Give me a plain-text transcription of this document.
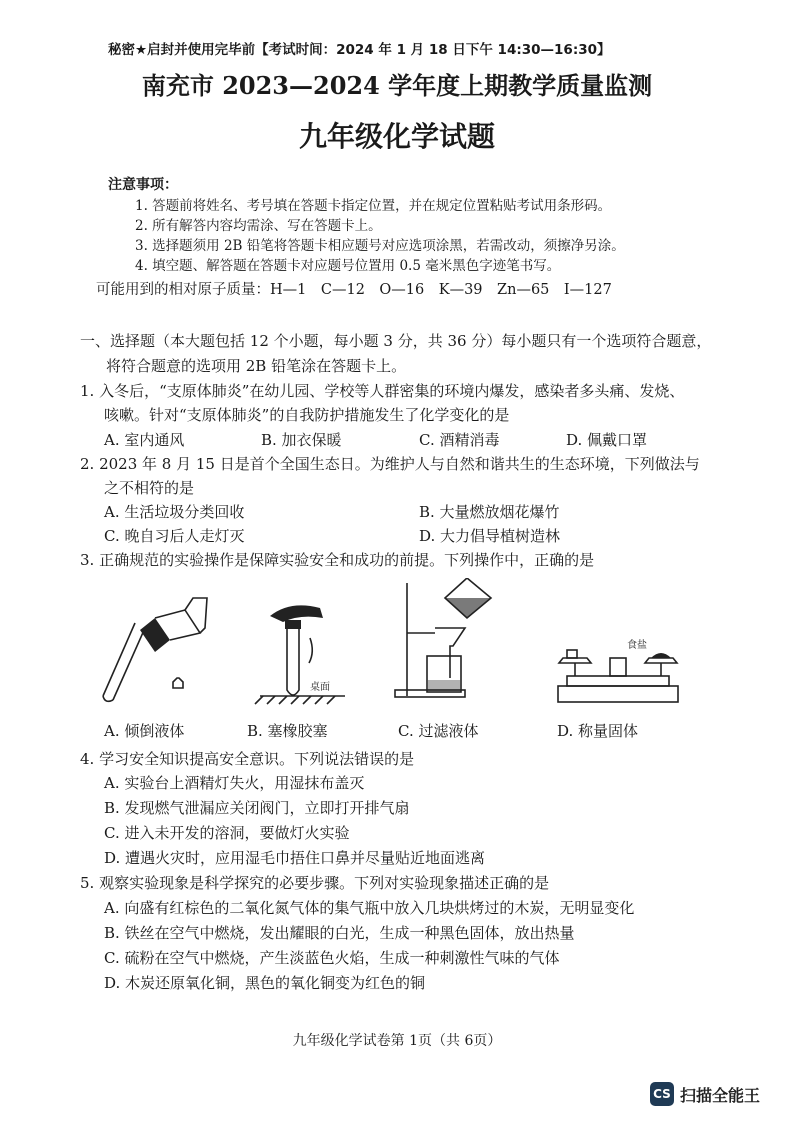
秘密★启封并使用完毕前【考试时间：2024 年 1 月 18 日下午 14:30—16:30】
南充市 2023—2024 学年度上期教学质量监测
九年级化学试题
注意事项：
1. 答题前将姓名、考号填在答题卡指定位置，并在规定位置粘贴考试用条形码。
2. 所有解答内容均需涂、写在答题卡上。
3. 选择题须用 2B 铅笔将答题卡相应题号对应选项涂黑，若需改动，须擦净另涂。
4. 填空题、解答题在答题卡对应题号位置用 0.5 毫米黑色字迹笔书写。
可能用到的相对原子质量：H—1　C—12　O—16　K—39　Zn—65　I—127
一、选择题（本大题包括 12 个小题，每小题 3 分，共 36 分）每小题只有一个选项符合题意，
将符合题意的选项用 2B 铅笔涂在答题卡上。
1. 入冬后，“支原体肺炎”在幼儿园、学校等人群密集的环境内爆发，感染者多头痛、发烧、
咳嗽。针对“支原体肺炎”的自我防护措施发生了化学变化的是
A. 室内通风	B. 加衣保暖	C. 酒精消毒	D. 佩戴口罩
2. 2023 年 8 月 15 日是首个全国生态日。为维护人与自然和谐共生的生态环境，下列做法与
之不相符的是
A. 生活垃圾分类回收	B. 大量燃放烟花爆竹
C. 晚自习后人走灯灭	D. 大力倡导植树造林
3. 正确规范的实验操作是保障实验安全和成功的前提。下列操作中，正确的是
桌面
食盐
A. 倾倒液体	B. 塞橡胶塞	C. 过滤液体	D. 称量固体
4. 学习安全知识提高安全意识。下列说法错误的是
A. 实验台上酒精灯失火，用湿抹布盖灭
B. 发现燃气泄漏应关闭阀门，立即打开排气扇
C. 进入未开发的溶洞，要做灯火实验
D. 遭遇火灾时，应用湿毛巾捂住口鼻并尽量贴近地面逃离
5. 观察实验现象是科学探究的必要步骤。下列对实验现象描述正确的是
A. 向盛有红棕色的二氧化氮气体的集气瓶中放入几块烘烤过的木炭，无明显变化
B. 铁丝在空气中燃烧，发出耀眼的白光，生成一种黑色固体，放出热量
C. 硫粉在空气中燃烧，产生淡蓝色火焰，生成一种刺激性气味的气体
D. 木炭还原氧化铜，黑色的氧化铜变为红色的铜
九年级化学试卷第 1页（共 6页）
CS 扫描全能王
